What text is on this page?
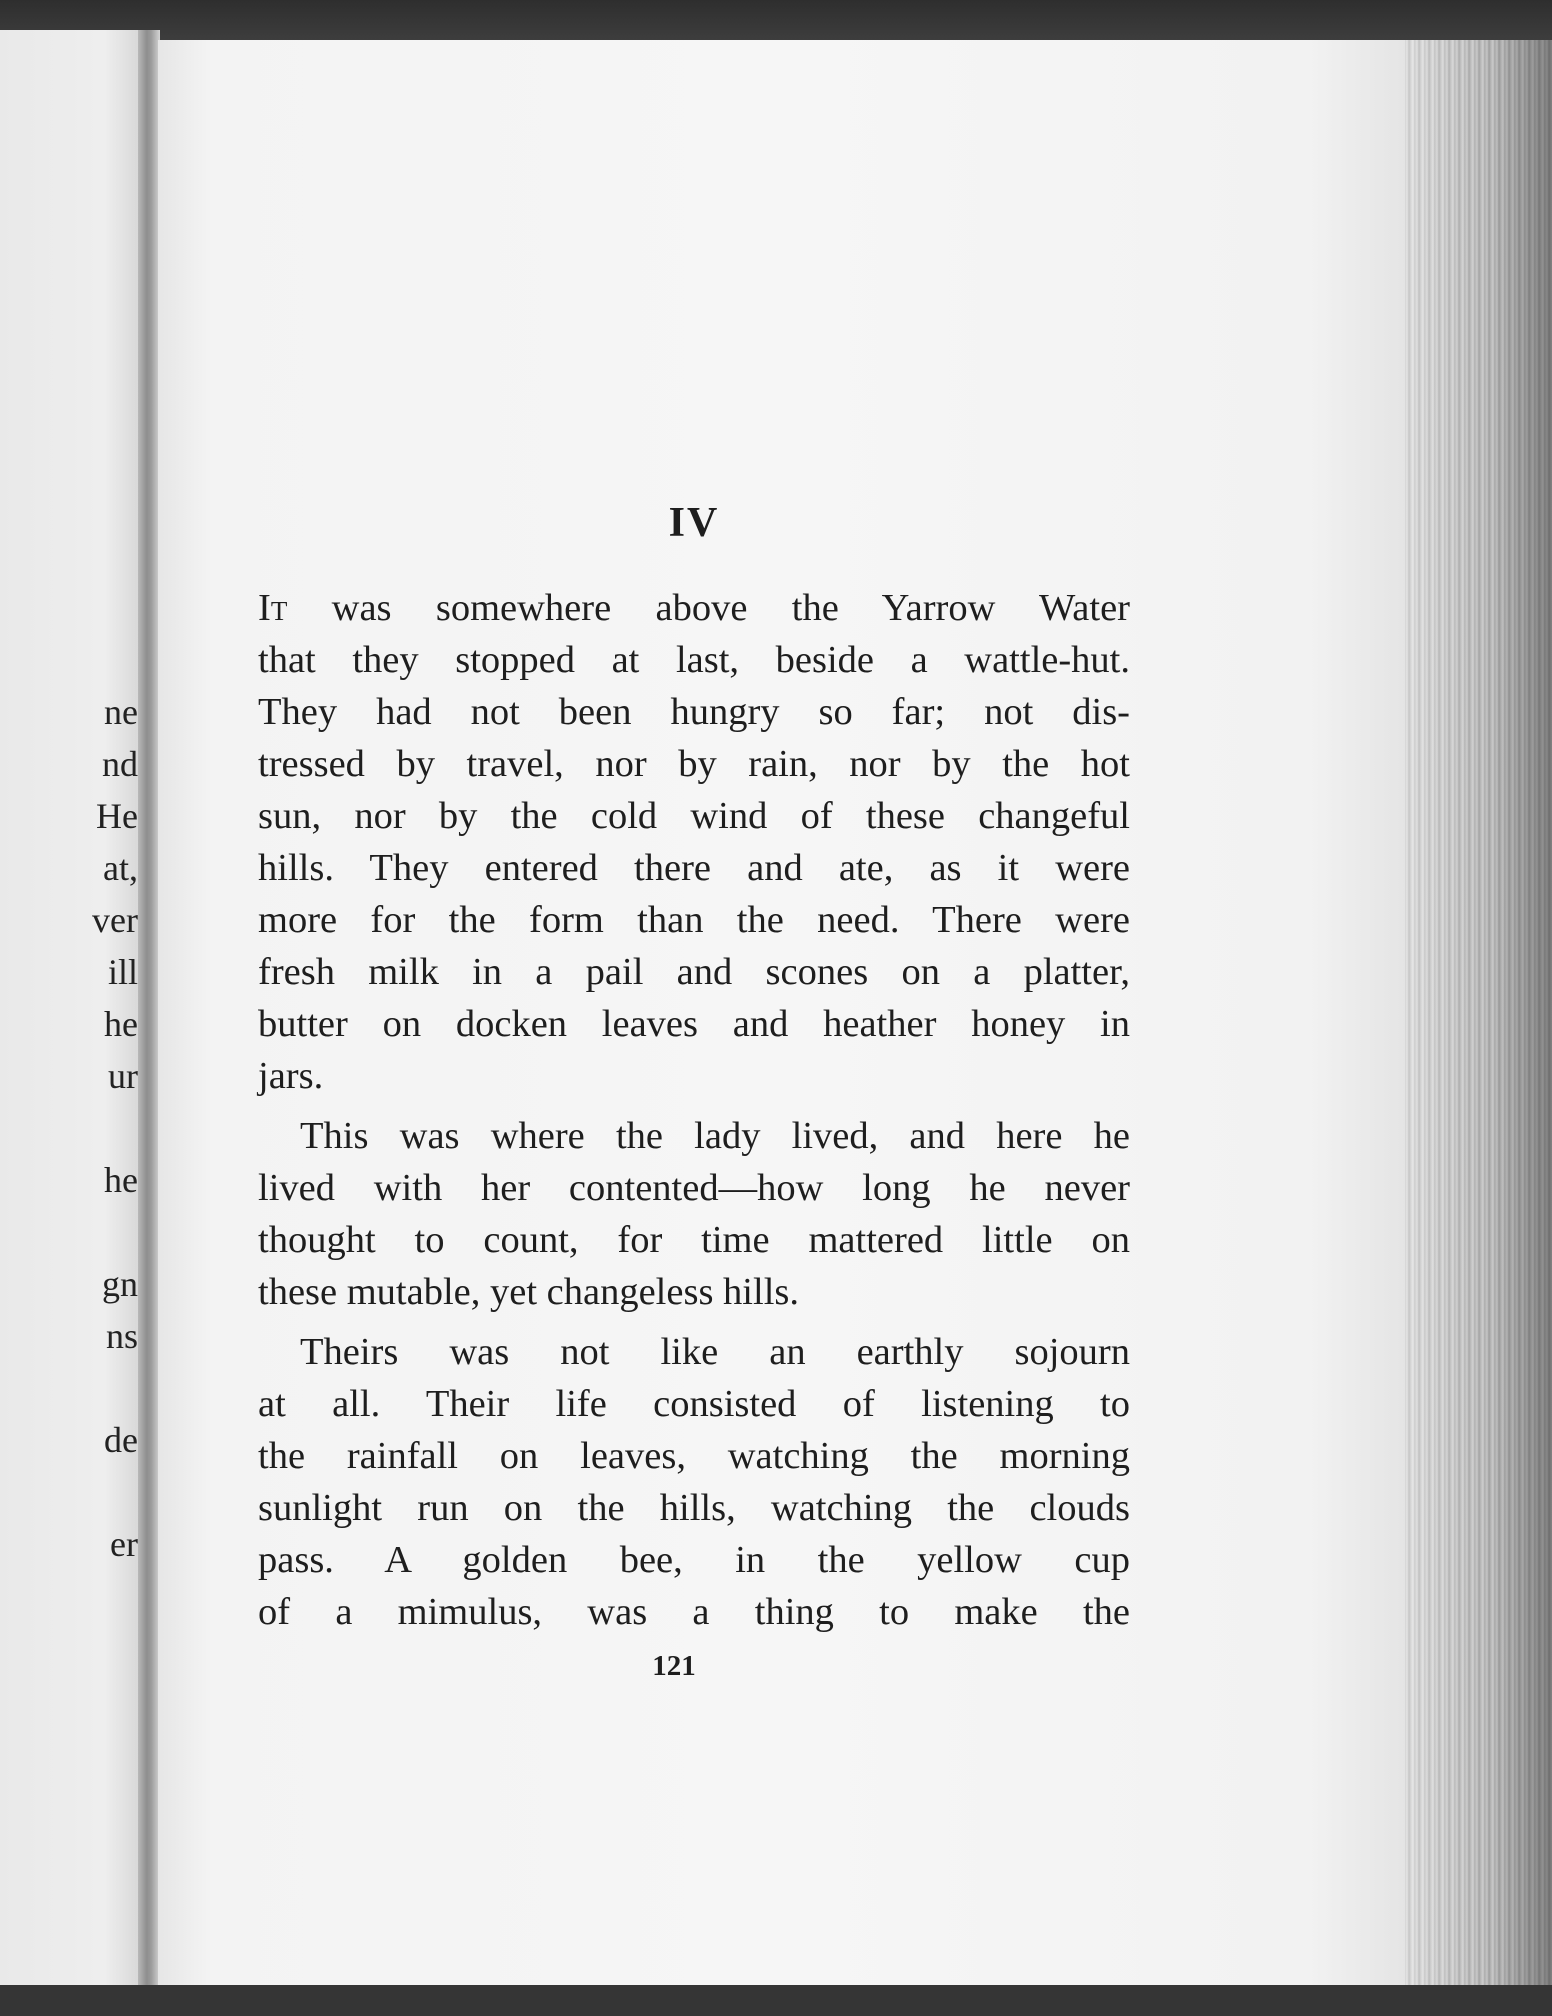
ne
nd
He
at,
ver
ill
he
ur
he
gn
ns
de
er
IV
It was somewhere above the Yarrow Water
that they stopped at last, beside a wattle-hut.
They had not been hungry so far; not dis-
tressed by travel, nor by rain, nor by the hot
sun, nor by the cold wind of these changeful
hills. They entered there and ate, as it were
more for the form than the need. There were
fresh milk in a pail and scones on a platter,
butter on docken leaves and heather honey in
jars.
This was where the lady lived, and here he
lived with her contented—how long he never
thought to count, for time mattered little on
these mutable, yet changeless hills.
Theirs was not like an earthly sojourn
at all. Their life consisted of listening to
the rainfall on leaves, watching the morning
sunlight run on the hills, watching the clouds
pass. A golden bee, in the yellow cup
of a mimulus, was a thing to make the
121
